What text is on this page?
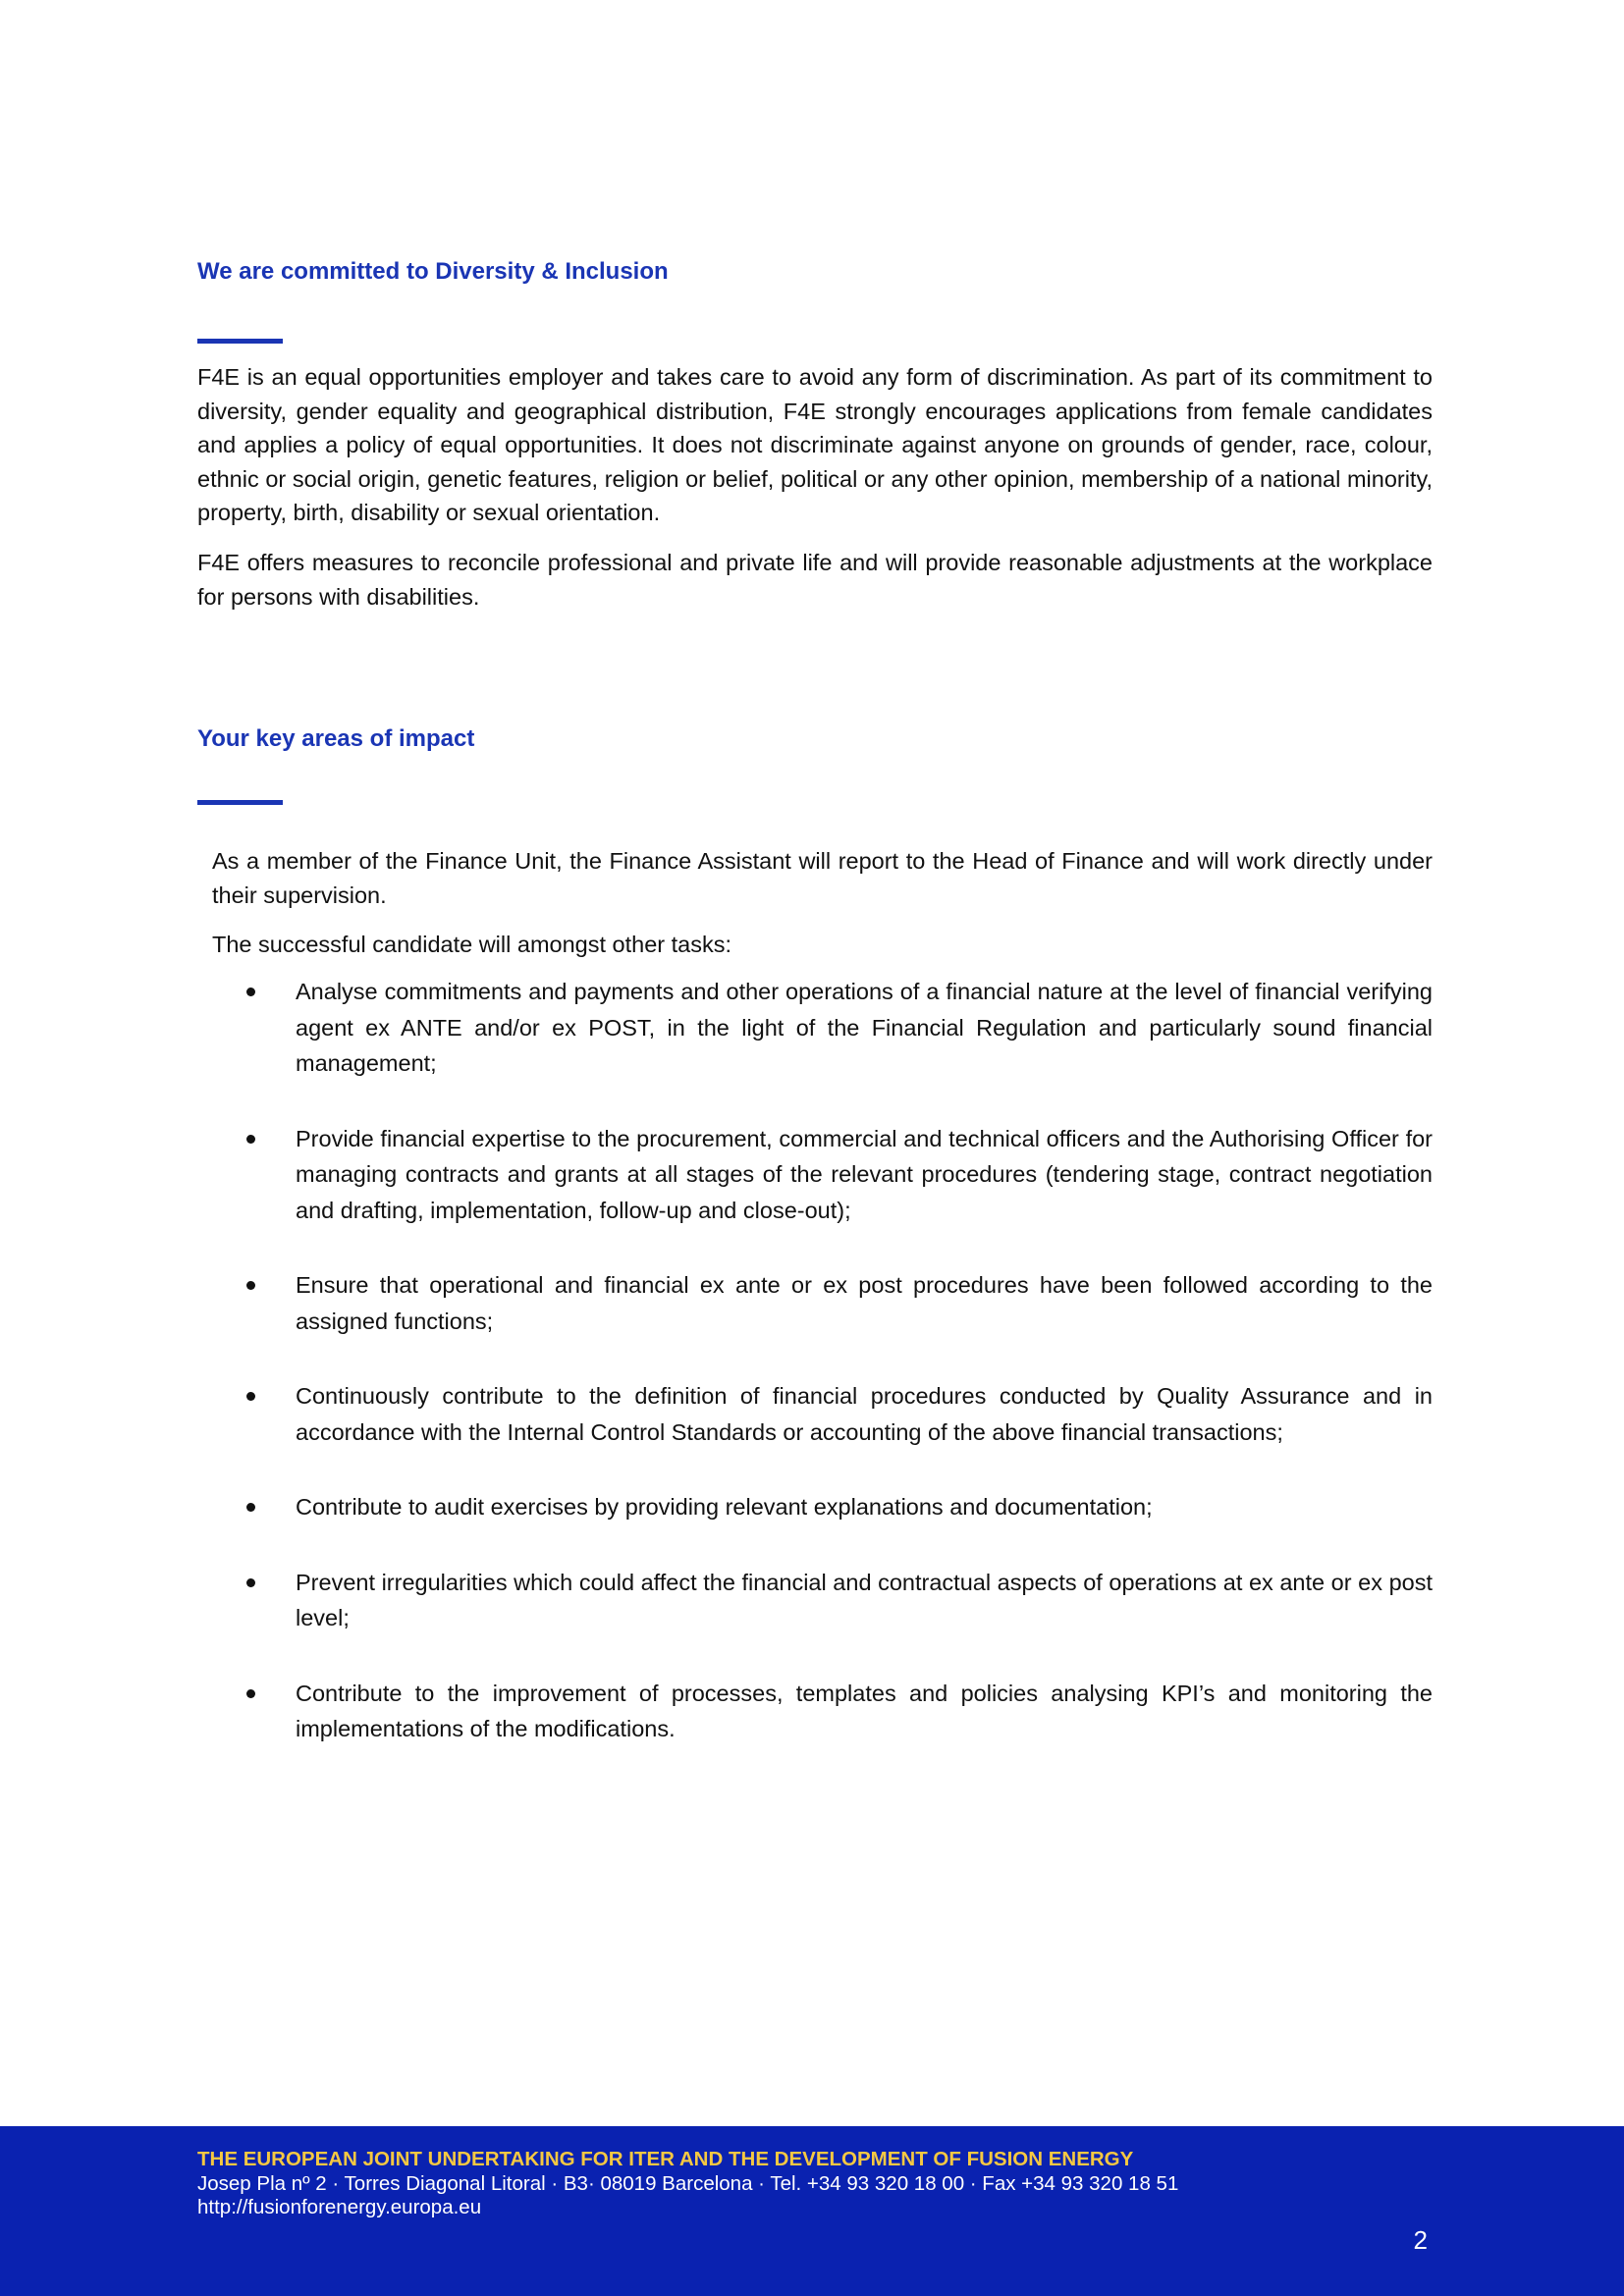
We are committed to Diversity & Inclusion

F4E is an equal opportunities employer and takes care to avoid any form of discrimination. As part of its commitment to diversity, gender equality and geographical distribution, F4E strongly encourages applications from female candidates and applies a policy of equal opportunities. It does not discriminate against anyone on grounds of gender, race, colour, ethnic or social origin, genetic features, religion or belief, political or any other opinion, membership of a national minority, property, birth, disability or sexual orientation.

F4E offers measures to reconcile professional and private life and will provide reasonable adjustments at the workplace for persons with disabilities.

Your key areas of impact

As a member of the Finance Unit, the Finance Assistant will report to the Head of Finance and will work directly under their supervision.

The successful candidate will amongst other tasks:

Analyse commitments and payments and other operations of a financial nature at the level of financial verifying agent ex ANTE and/or ex POST, in the light of the Financial Regulation and particularly sound financial management;
Provide financial expertise to the procurement, commercial and technical officers and the Authorising Officer for managing contracts and grants at all stages of the relevant procedures (tendering stage, contract negotiation and drafting, implementation, follow-up and close-out);
Ensure that operational and financial ex ante or ex post procedures have been followed according to the assigned functions;
Continuously contribute to the definition of financial procedures conducted by Quality Assurance and in accordance with the Internal Control Standards or accounting of the above financial transactions;
Contribute to audit exercises by providing relevant explanations and documentation;
Prevent irregularities which could affect the financial and contractual aspects of operations at ex ante or ex post level;
Contribute to the improvement of processes, templates and policies analysing KPI’s and monitoring the implementations of the modifications.

THE EUROPEAN JOINT UNDERTAKING FOR ITER AND THE DEVELOPMENT OF FUSION ENERGY

Josep Pla nº 2 · Torres Diagonal Litoral · B3· 08019 Barcelona · Tel. +34 93 320 18 00 · Fax +34 93 320 18 51

http://fusionforenergy.europa.eu

2
